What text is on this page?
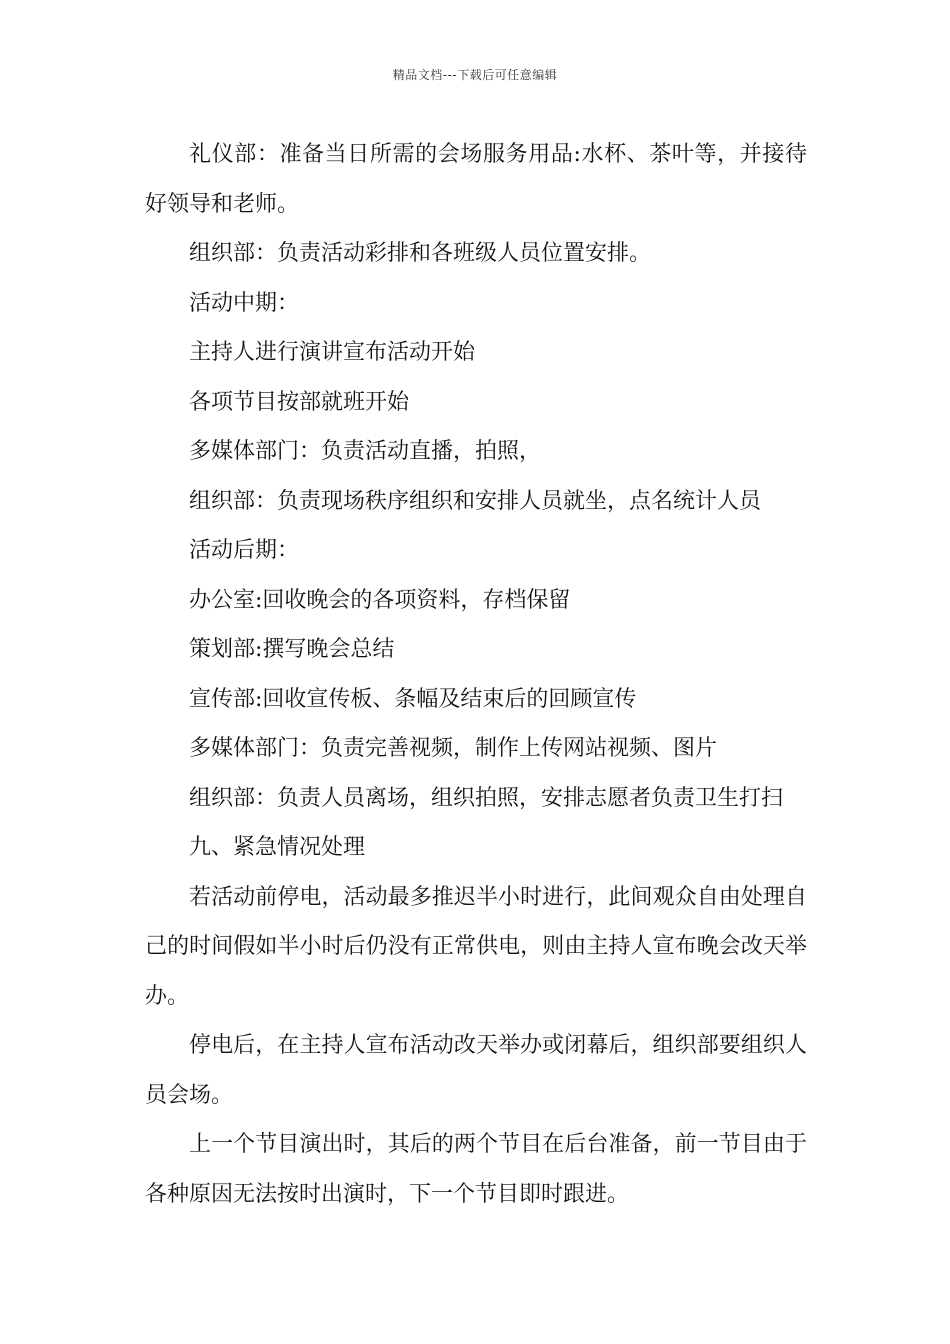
精品文档---下载后可任意编辑

礼仪部：准备当日所需的会场服务用品:水杯、茶叶等，并接待好领导和老师。

组织部：负责活动彩排和各班级人员位置安排。

活动中期：

主持人进行演讲宣布活动开始

各项节目按部就班开始

多媒体部门：负责活动直播，拍照，

组织部：负责现场秩序组织和安排人员就坐，点名统计人员

活动后期：

办公室:回收晚会的各项资料，存档保留

策划部:撰写晚会总结

宣传部:回收宣传板、条幅及结束后的回顾宣传

多媒体部门：负责完善视频，制作上传网站视频、图片

组织部：负责人员离场，组织拍照，安排志愿者负责卫生打扫

九、紧急情况处理

若活动前停电，活动最多推迟半小时进行，此间观众自由处理自己的时间假如半小时后仍没有正常供电，则由主持人宣布晚会改天举办。

停电后，在主持人宣布活动改天举办或闭幕后，组织部要组织人员会场。

上一个节目演出时，其后的两个节目在后台准备，前一节目由于各种原因无法按时出演时，下一个节目即时跟进。
